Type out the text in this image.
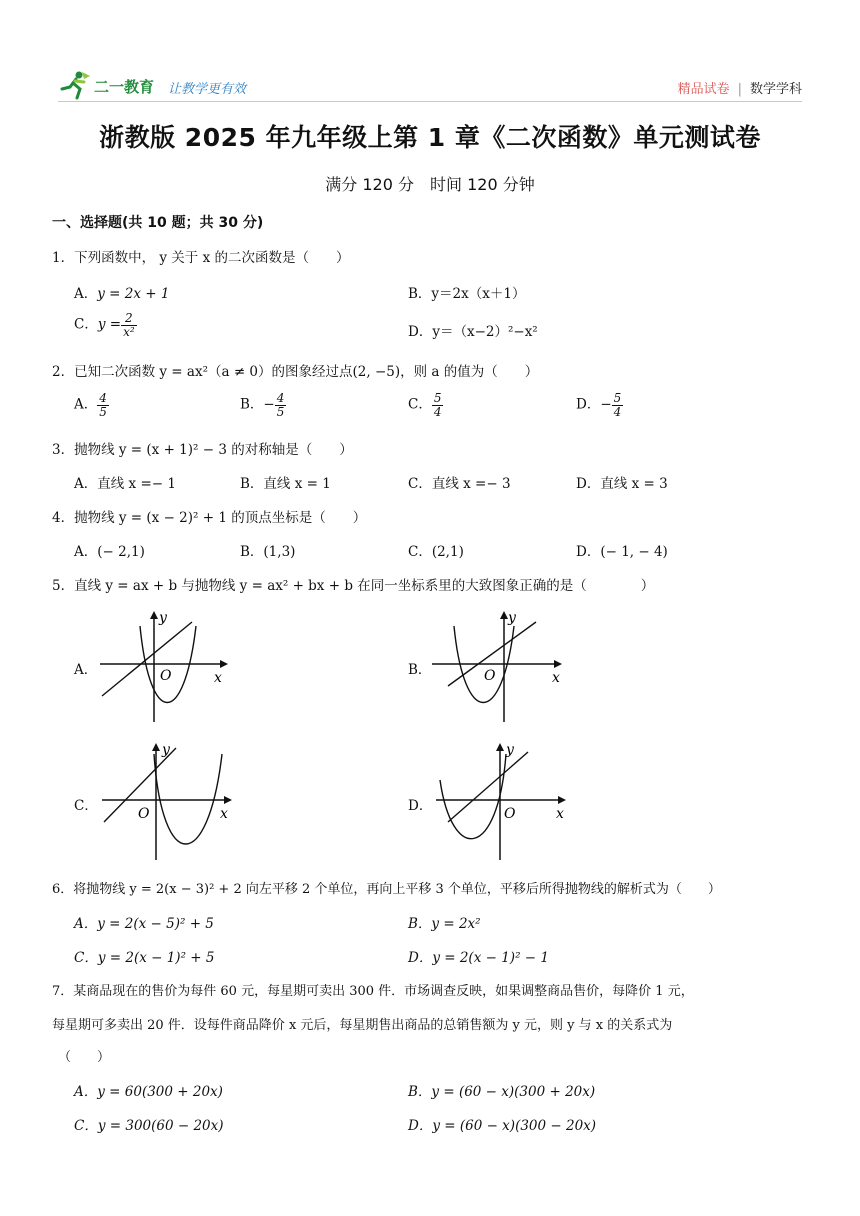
二一教育 让教学更有效	精品试卷 | 数学学科
浙教版 2025 年九年级上第 1 章《二次函数》单元测试卷
满分 120 分　时间 120 分钟
一、选择题(共 10 题；共 30 分)
1．下列函数中， y 关于 x 的二次函数是（　　）
A．y = 2x + 1	B．y＝2x（x＋1）
C．$y = \frac{2}{\text{x²}}$	D．y＝（x−2）²−x²
2．已知二次函数 y = ax²（a ≠ 0）的图象经过点(2, −5)，则 a 的值为（　　）
A． $\frac{4}{5}$	B．− $\frac{4}{5}$	C． $\frac{5}{4}$	D．− $\frac{5}{4}$
3．抛物线 y = (x + 1)² − 3 的对称轴是（　　）
A．直线 x =− 1	B．直线 x = 1	C．直线 x =− 3	D．直线 x = 3
4．抛物线 y = (x − 2)² + 1 的顶点坐标是（　　）
A．(− 2,1)	B．(1,3)	C．(2,1)	D．(− 1, − 4)
5．直线 y = ax + b 与抛物线 y = ax² + bx + b 在同一坐标系里的大致图象正确的是（　　　　）
A．
y
O	x	B．
y
O	x
C．
y
O	x	D．
y
O	x
6．将抛物线 y = 2(x − 3)² + 2 向左平移 2 个单位，再向上平移 3 个单位，平移后所得抛物线的解析式为（　　）
A．y = 2(x − 5)² + 5	B．y = 2x²
C．y = 2(x − 1)² + 5	D．y = 2(x − 1)² − 1
7．某商品现在的售价为每件 60 元，每星期可卖出 300 件．市场调查反映，如果调整商品售价，每降价 1 元，
每星期可多卖出 20 件．设每件商品降价 x 元后，每星期售出商品的总销售额为 y 元，则 y 与 x 的关系式为
（　　）
A．y = 60(300 + 20x)	B．y = (60 − x)(300 + 20x)
C．y = 300(60 − 20x)	D．y = (60 − x)(300 − 20x)
